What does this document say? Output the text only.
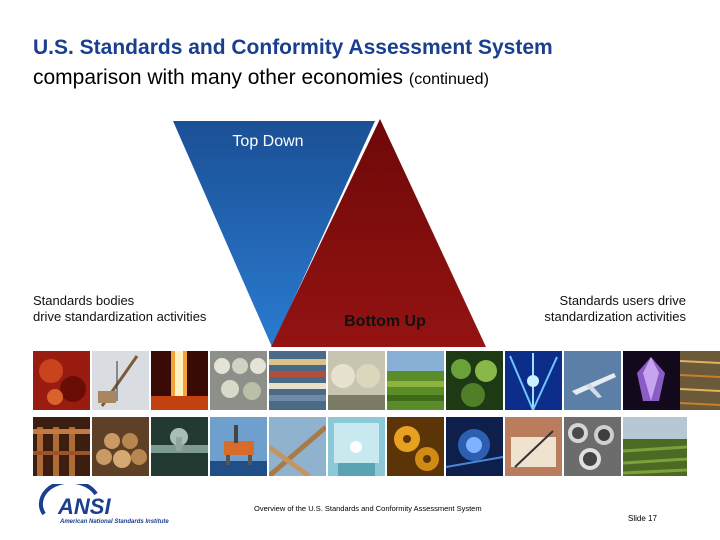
U.S. Standards and Conformity Assessment System
comparison with many other economies (continued)
Top Down
Bottom Up
Standards bodies
drive standardization activities
Standards users drive
standardization activities
ANSI
American National Standards Institute
Overview of the U.S. Standards and Conformity Assessment System
Slide 17
